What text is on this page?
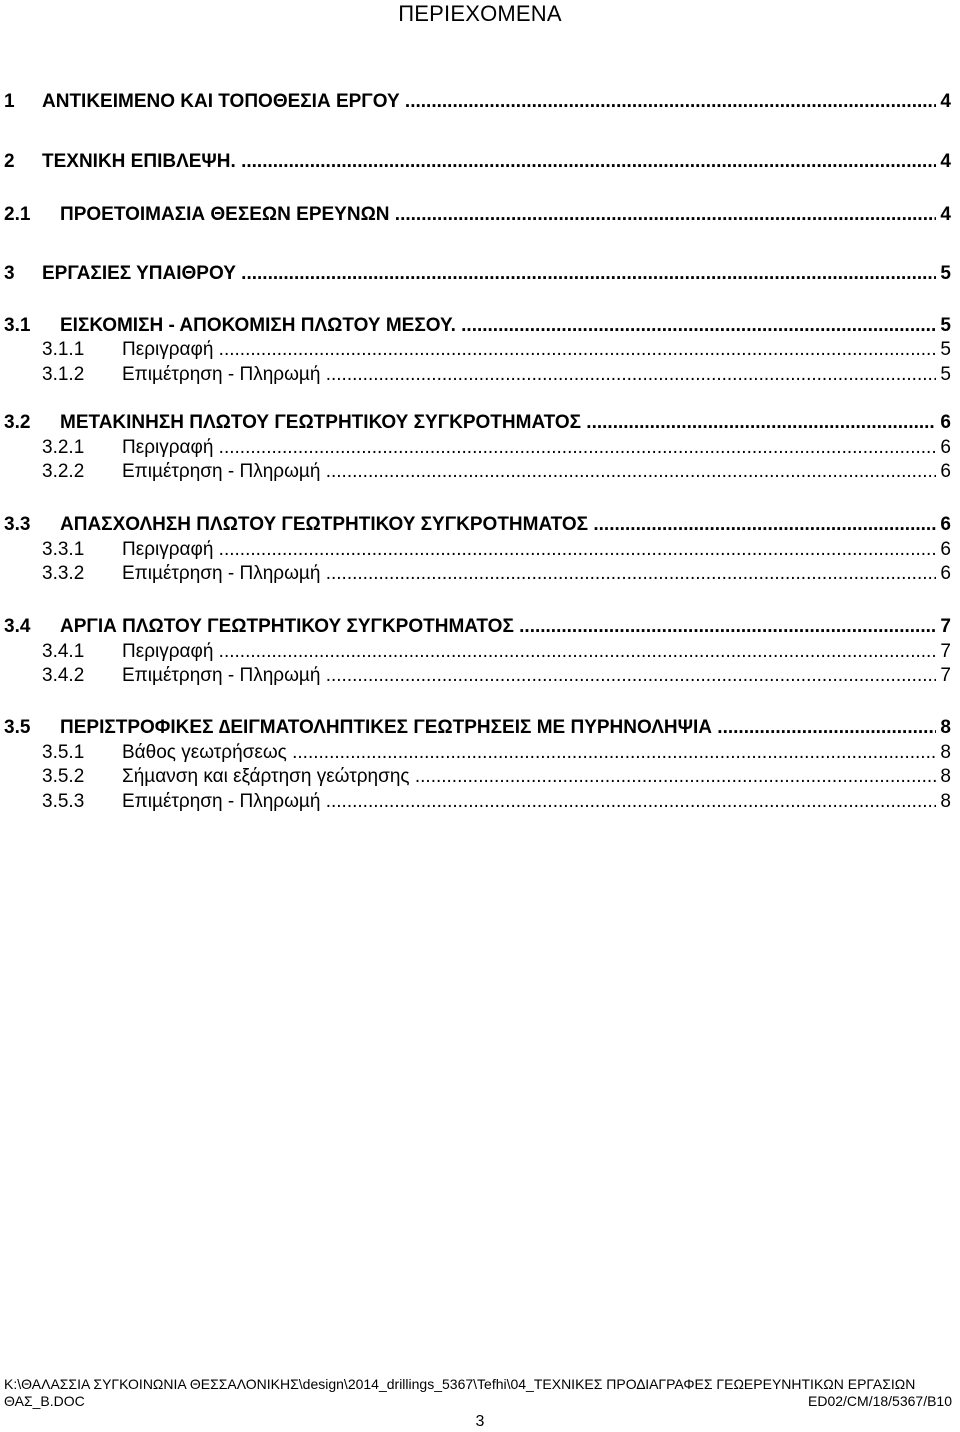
ΠΕΡΙΕΧΟΜΕΝΑ
1 ΑΝΤΙΚΕΙΜΕΝΟ ΚΑΙ ΤΟΠΟΘΕΣΙΑ ΕΡΓΟΥ .....	4
2 ΤΕΧΝΙΚΗ ΕΠΙΒΛΕΨΗ. .....	4
2.1 ΠΡΟΕΤΟΙΜΑΣΙΑ ΘΕΣΕΩΝ ΕΡΕΥΝΩΝ .....	4
3 ΕΡΓΑΣΙΕΣ ΥΠΑΙΘΡΟΥ .....	5
3.1 ΕΙΣΚΟΜΙΣΗ - ΑΠΟΚΟΜΙΣΗ ΠΛΩΤΟΥ ΜΕΣΟΥ. .....	5
3.1.1 Περιγραφή .....	5
3.1.2 Επιµέτρηση - Πληρωµή .....	5
3.2 ΜΕΤΑΚΙΝΗΣΗ ΠΛΩΤΟΥ ΓΕΩΤΡΗΤΙΚΟΥ ΣΥΓΚΡΟΤΗΜΑΤΟΣ .....	6
3.2.1 Περιγραφή .....	6
3.2.2 Επιµέτρηση - Πληρωµή .....	6
3.3 ΑΠΑΣΧΟΛΗΣΗ ΠΛΩΤΟΥ ΓΕΩΤΡΗΤΙΚΟΥ ΣΥΓΚΡΟΤΗΜΑΤΟΣ .....	6
3.3.1 Περιγραφή .....	6
3.3.2 Επιµέτρηση - Πληρωµή .....	6
3.4 ΑΡΓΙΑ ΠΛΩΤΟΥ ΓΕΩΤΡΗΤΙΚΟΥ ΣΥΓΚΡΟΤΗΜΑΤΟΣ .....	7
3.4.1 Περιγραφή .....	7
3.4.2 Επιµέτρηση - Πληρωµή .....	7
3.5 ΠΕΡΙΣΤΡΟΦΙΚΕΣ ∆ΕΙΓΜΑΤΟΛΗΠΤΙΚΕΣ ΓΕΩΤΡΗΣΕΙΣ ΜΕ ΠΥΡΗΝΟΛΗΨΙΑ .....	8
3.5.1 Βάθος γεωτρήσεως .....	8
3.5.2 Σήµανση και εξάρτηση γεώτρησης .....	8
3.5.3 Επιµέτρηση - Πληρωµή .....	8
K:\ΘΑΛΑΣΣΙΑ ΣΥΓΚΟΙΝΩΝΙΑ ΘΕΣΣΑΛΟΝΙΚΗΣ\design\2014_drillings_5367\Tefhi\04_ΤΕΧΝΙΚΕΣ ΠΡΟ∆ΙΑΓΡΑΦΕΣ ΓΕΩΕΡΕΥΝΗΤΙΚΩΝ ΕΡΓΑΣΙΩΝ
ΘΑΣ_Β.DOC	ED02/CM/18/5367/B10
3
